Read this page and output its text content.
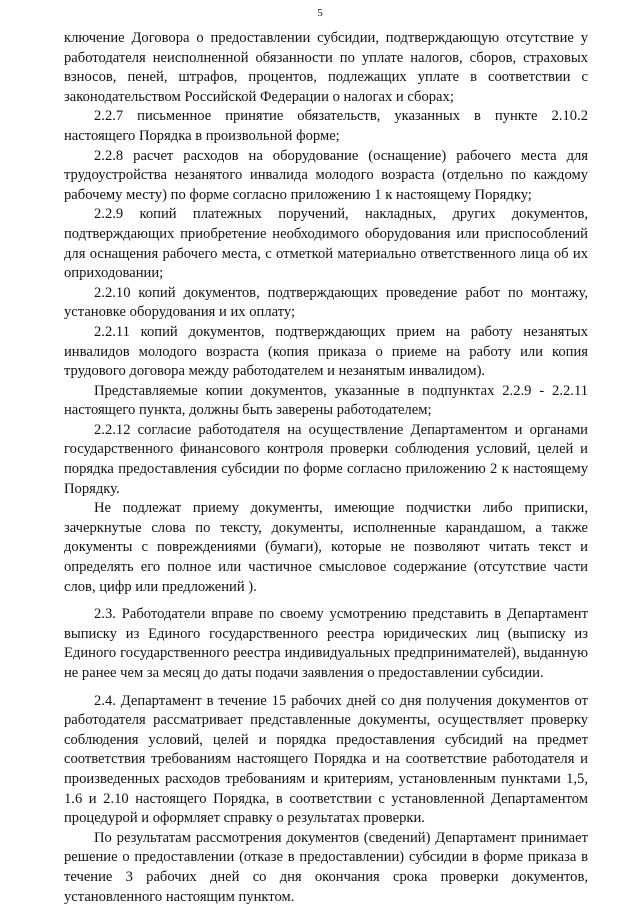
5

ключение Договора о предоставлении субсидии, подтверждающую отсутствие у работодателя неисполненной обязанности по уплате налогов, сборов, страховых взносов, пеней, штрафов, процентов, подлежащих уплате в соответствии с законодательством Российской Федерации о налогах и сборах;

2.2.7 письменное принятие обязательств, указанных в пункте 2.10.2 настоящего Порядка в произвольной форме;

2.2.8 расчет расходов на оборудование (оснащение) рабочего места для трудоустройства незанятого инвалида молодого возраста (отдельно по каждому рабочему месту) по форме согласно приложению 1 к настоящему Порядку;

2.2.9 копий платежных поручений, накладных, других документов, подтверждающих приобретение необходимого оборудования или приспособлений для оснащения рабочего места, с отметкой материально ответственного лица об их оприходовании;

2.2.10 копий документов, подтверждающих проведение работ по монтажу, установке оборудования и их оплату;

2.2.11 копий документов, подтверждающих прием на работу незанятых инвалидов молодого возраста (копия приказа о приеме на работу или копия трудового договора между работодателем и незанятым инвалидом).

Представляемые копии документов, указанные в подпунктах 2.2.9 - 2.2.11 настоящего пункта, должны быть заверены работодателем;

2.2.12 согласие работодателя на осуществление Департаментом и органами государственного финансового контроля проверки соблюдения условий, целей и порядка предоставления субсидии по форме согласно приложению 2 к настоящему Порядку.

Не подлежат приему документы, имеющие подчистки либо приписки, зачеркнутые слова по тексту, документы, исполненные карандашом, а также документы с повреждениями (бумаги), которые не позволяют читать текст и определять его полное или частичное смысловое содержание (отсутствие части слов, цифр или предложений ).

2.3. Работодатели вправе по своему усмотрению представить в Департамент выписку из Единого государственного реестра юридических лиц (выписку из Единого государственного реестра индивидуальных предпринимателей), выданную не ранее чем за месяц до даты подачи заявления о предоставлении субсидии.

2.4. Департамент в течение 15 рабочих дней со дня получения документов от работодателя рассматривает представленные документы, осуществляет проверку соблюдения условий, целей и порядка предоставления субсидий на предмет соответствия требованиям настоящего Порядка и на соответствие работодателя и произведенных расходов требованиям и критериям, установленным пунктами 1,5, 1.6 и 2.10 настоящего Порядка, в соответствии с установленной Департаментом процедурой и оформляет справку о результатах проверки.

По результатам рассмотрения документов (сведений) Департамент принимает решение о предоставлении (отказе в предоставлении) субсидии в форме приказа в течение 3 рабочих дней со дня окончания срока проверки документов, установленного настоящим пунктом.
